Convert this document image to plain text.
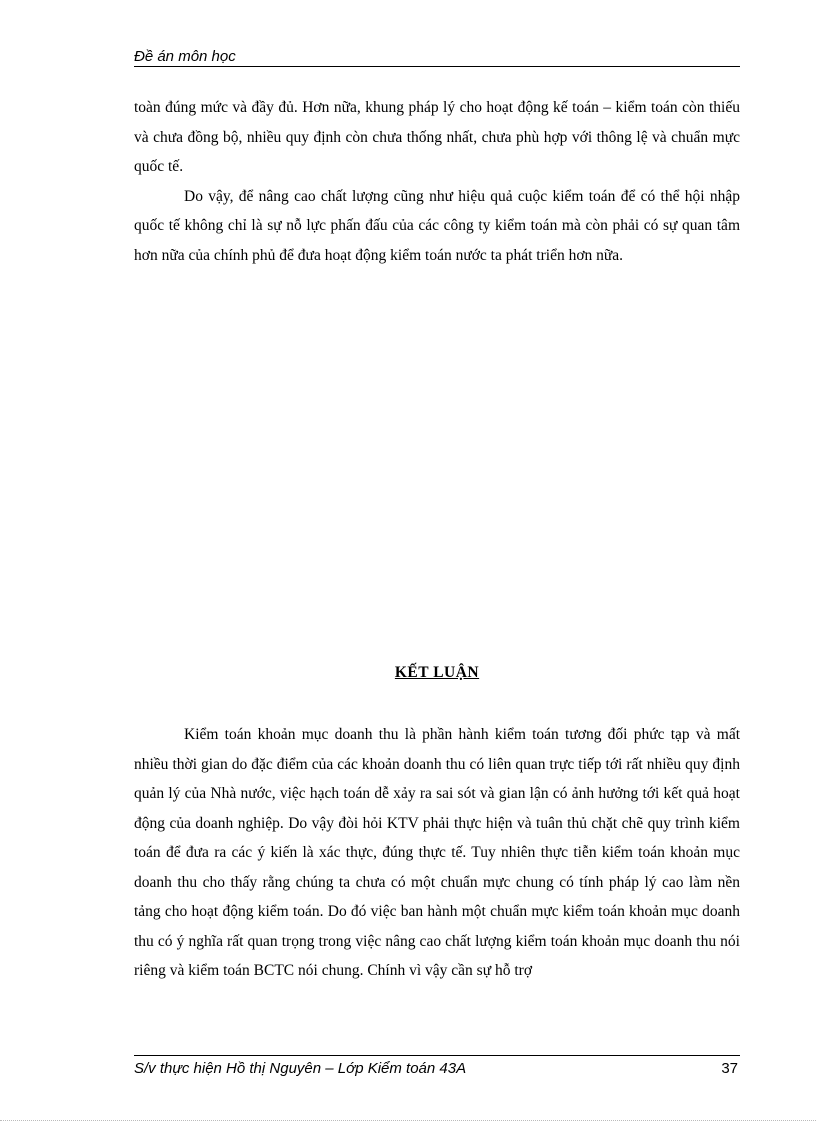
Đề án môn học

toàn đúng mức và đầy đủ. Hơn nữa, khung pháp lý cho hoạt động kế toán – kiểm toán còn thiếu và chưa đồng bộ, nhiều quy định còn chưa thống nhất, chưa phù hợp với thông lệ và chuẩn mực quốc tế.

Do vậy, để nâng cao chất lượng cũng như hiệu quả cuộc kiểm toán để có thể hội nhập quốc tế không chỉ là sự nỗ lực phấn đấu của các công ty kiểm toán mà còn phải có sự quan tâm hơn nữa của chính phủ để đưa hoạt động kiểm toán nước ta phát triển hơn nữa.

KẾT LUẬN

Kiểm toán khoản mục doanh thu là phần hành kiểm toán tương đối phức tạp và mất nhiều thời gian do đặc điểm của các khoản doanh thu có liên quan trực tiếp tới rất nhiều quy định quản lý của Nhà nước, việc hạch toán dễ xảy ra sai sót và gian lận có ảnh hưởng tới kết quả hoạt động của doanh nghiệp. Do vậy đòi hỏi KTV phải thực hiện và tuân thủ chặt chẽ quy trình kiểm toán để đưa ra các ý kiến là xác thực, đúng thực tế. Tuy nhiên thực tiễn kiểm toán khoản mục doanh thu cho thấy rằng chúng ta chưa có một chuẩn mực chung có tính pháp lý cao làm nền tảng cho hoạt động kiểm toán. Do đó việc ban hành một chuẩn mực kiểm toán khoản mục doanh thu có ý nghĩa rất quan trọng trong việc nâng cao chất lượng kiểm toán khoản mục doanh thu nói riêng và kiểm toán BCTC nói chung. Chính vì vậy cần sự hỗ trợ

S/v thực hiện Hồ thị Nguyên – Lớp Kiểm toán 43A	37
